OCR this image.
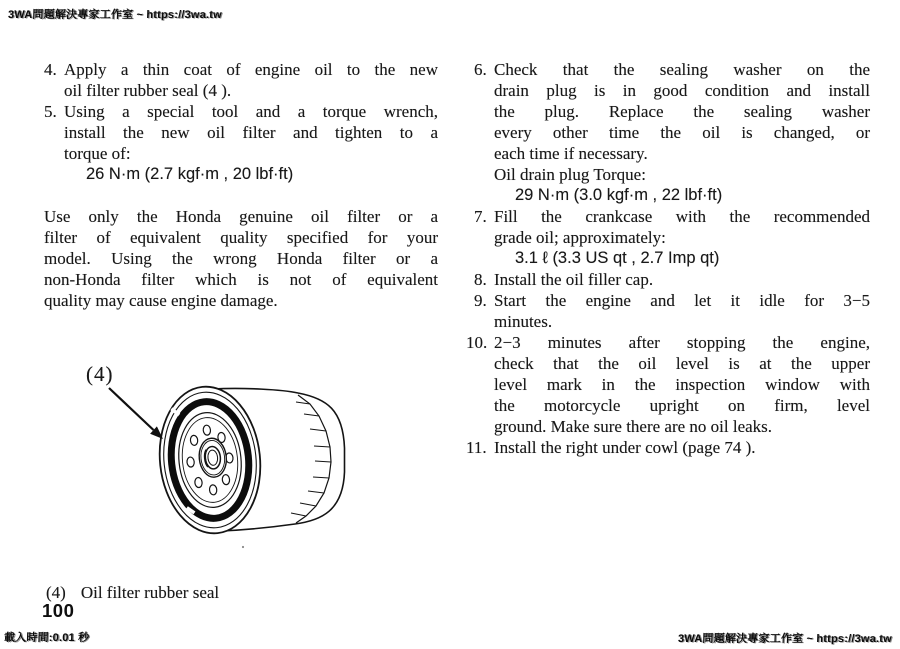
3WA問題解決專家工作室 ~ https://3wa.tw
4. Apply a thin coat of engine oil to the new
oil filter rubber seal (4 ).
5. Using a special tool and a torque wrench,
install the new oil filter and tighten to a
torque of:
26 N·m (2.7 kgf·m , 20 lbf·ft)
Use only the Honda genuine oil filter or a
filter of equivalent quality specified for your
model. Using the wrong Honda filter or a
non-Honda filter which is not of equivalent
quality may cause engine damage.
6. Check that the sealing washer on the
drain plug is in good condition and install
the plug. Replace the sealing washer
every other time the oil is changed, or
each time if necessary.
Oil drain plug Torque:
29 N·m (3.0 kgf·m , 22 lbf·ft)
7. Fill the crankcase with the recommended
grade oil; approximately:
3.1 ℓ (3.3 US qt , 2.7 Imp qt)
8. Install the oil filler cap.
9. Start the engine and let it idle for 3−5
minutes.
10. 2−3 minutes after stopping the engine,
check that the oil level is at the upper
level mark in the inspection window with
the motorcycle upright on firm, level
ground. Make sure there are no oil leaks.
11. Install the right under cowl (page 74 ).
(4)
(4) Oil filter rubber seal
100
載入時間:0.01 秒	3WA問題解決專家工作室 ~ https://3wa.tw
